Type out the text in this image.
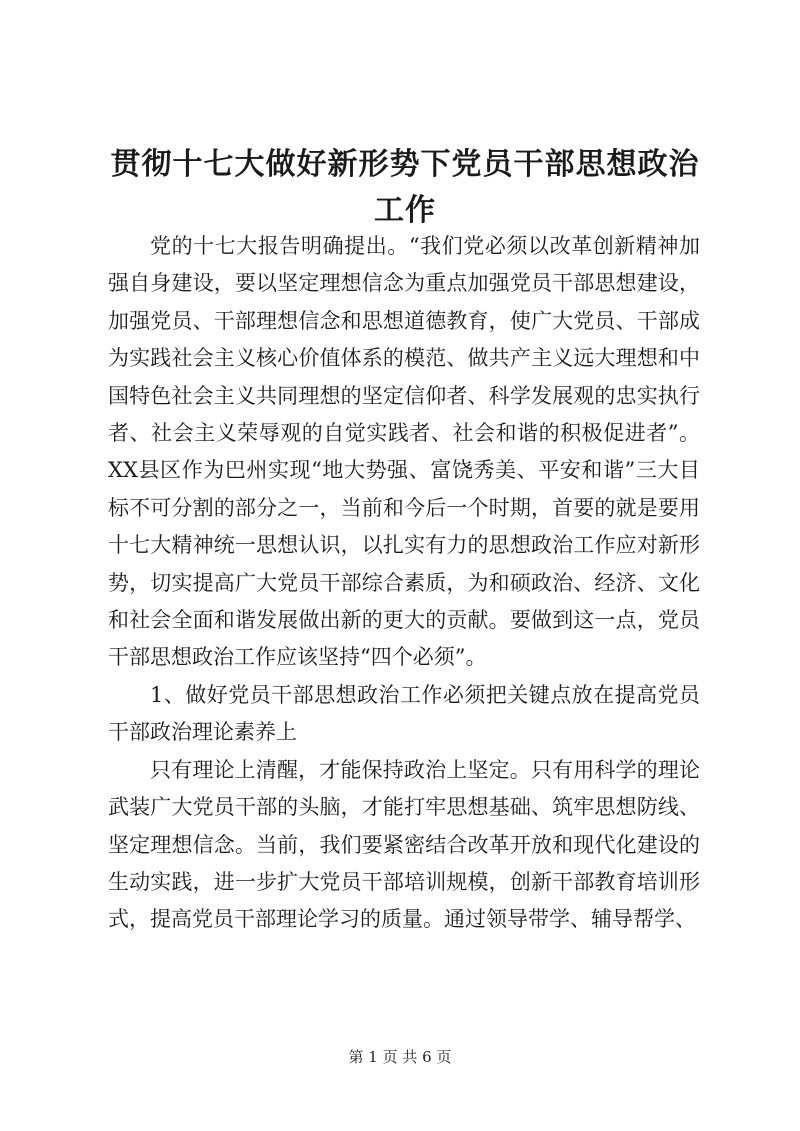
贯彻十七大做好新形势下党员干部思想政治工作

党的十七大报告明确提出。“我们党必须以改革创新精神加强自身建设，要以坚定理想信念为重点加强党员干部思想建设，加强党员、干部理想信念和思想道德教育，使广大党员、干部成为实践社会主义核心价值体系的模范、做共产主义远大理想和中国特色社会主义共同理想的坚定信仰者、科学发展观的忠实执行者、社会主义荣辱观的自觉实践者、社会和谐的积极促进者”。XX县区作为巴州实现“地大势强、富饶秀美、平安和谐”三大目标不可分割的部分之一，当前和今后一个时期，首要的就是要用十七大精神统一思想认识，以扎实有力的思想政治工作应对新形势，切实提高广大党员干部综合素质，为和硕政治、经济、文化和社会全面和谐发展做出新的更大的贡献。要做到这一点，党员干部思想政治工作应该坚持“四个必须”。

1、做好党员干部思想政治工作必须把关键点放在提高党员干部政治理论素养上

只有理论上清醒，才能保持政治上坚定。只有用科学的理论武装广大党员干部的头脑，才能打牢思想基础、筑牢思想防线、坚定理想信念。当前，我们要紧密结合改革开放和现代化建设的生动实践，进一步扩大党员干部培训规模，创新干部教育培训形式，提高党员干部理论学习的质量。通过领导带学、辅导帮学、

第 1 页 共 6 页
